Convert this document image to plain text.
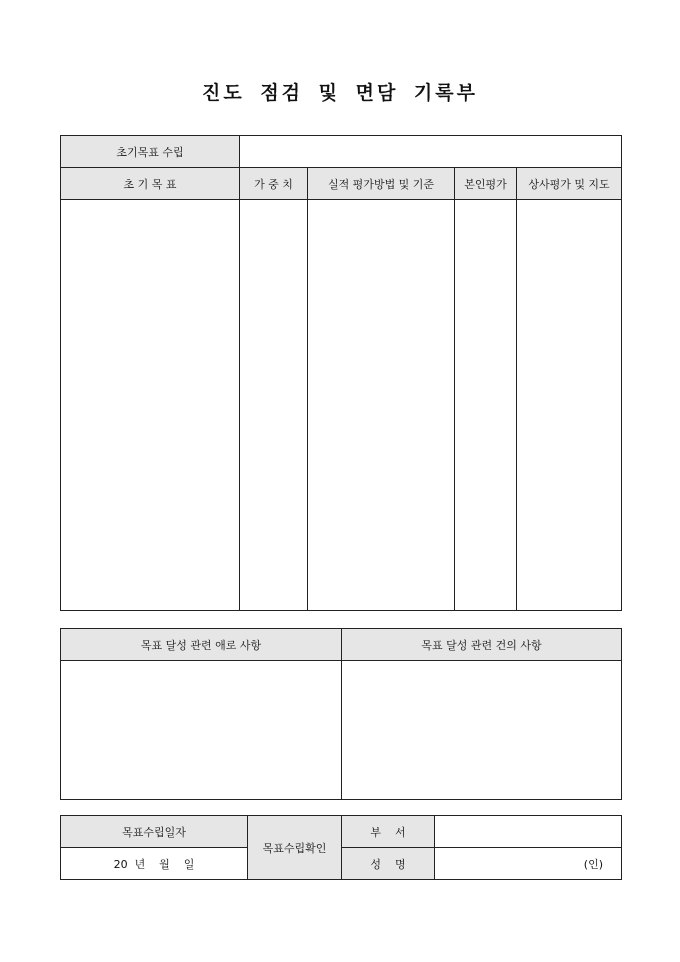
진도 점검 및 면담 기록부
초기목표 수립				
초 기 목 표	가 중 치	실적 평가방법 및 기준	본인평가	상사평가 및 지도

목표 달성 관련 애로 사항	목표 달성 관련 건의 사항

목표수립일자	목표수립확인	부    서	
20  년    월    일		성    명	(인)
